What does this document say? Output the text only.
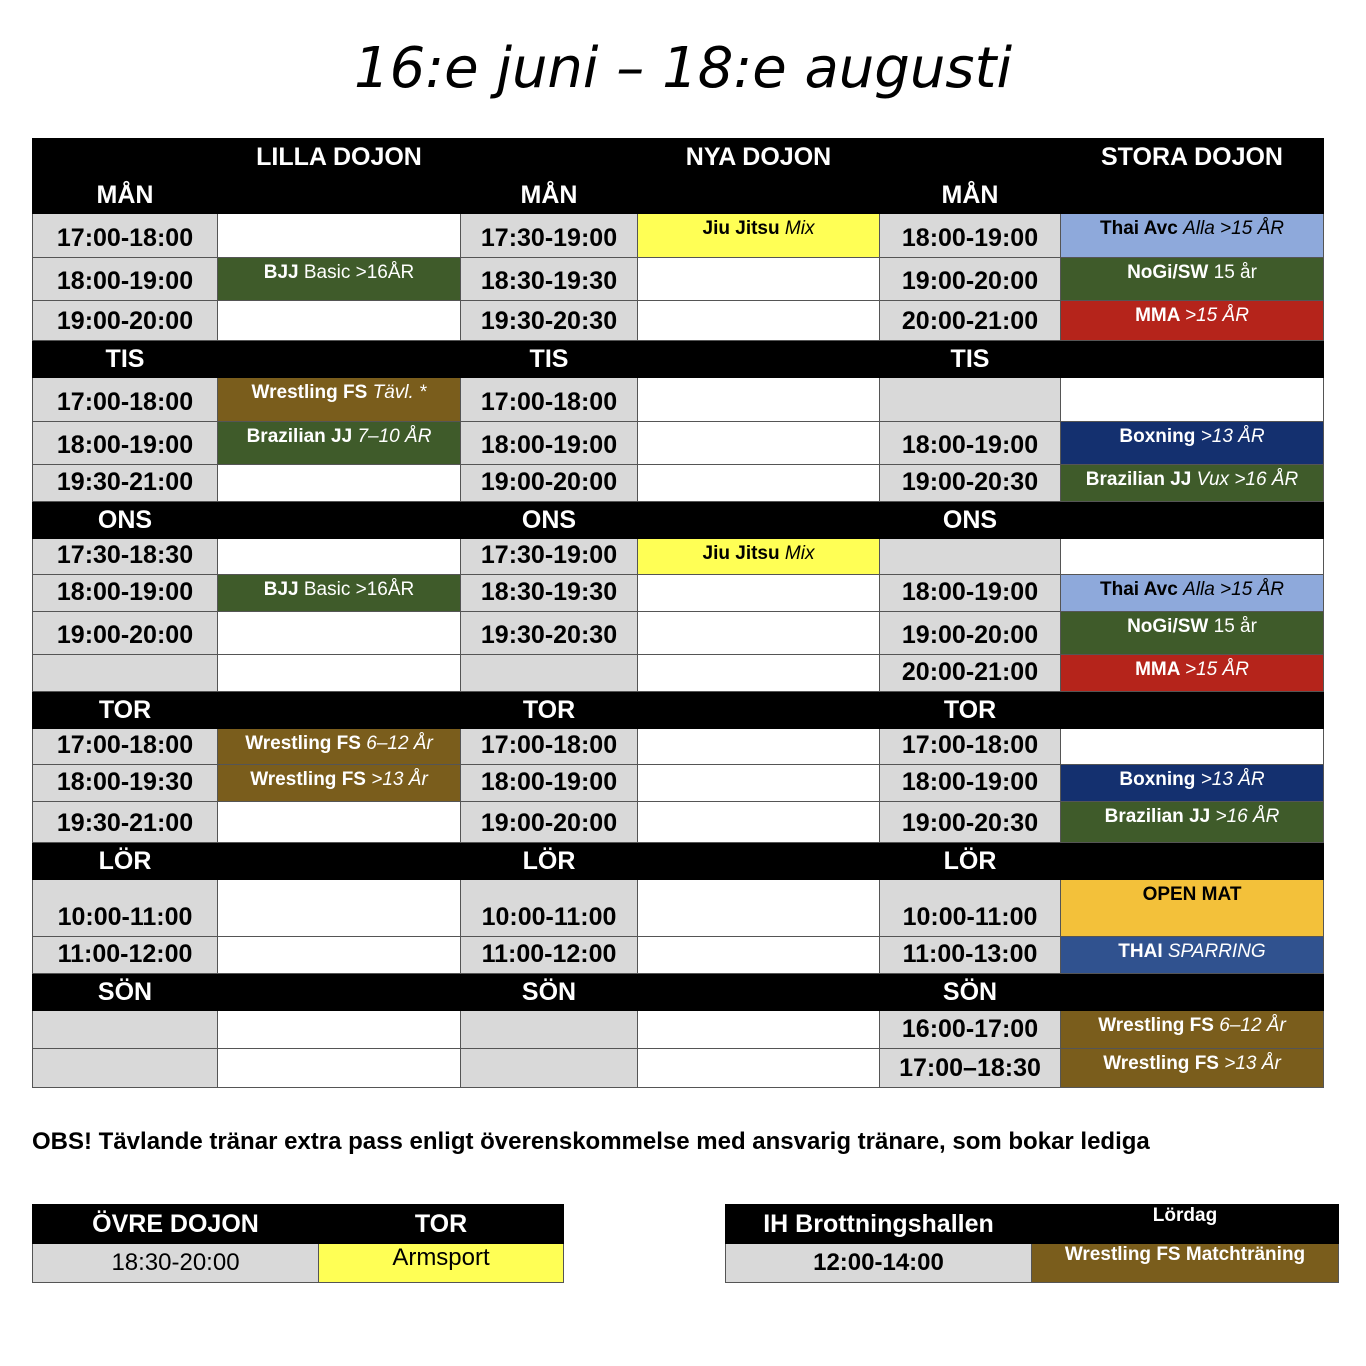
16:e juni – 18:e augusti
	LILLA DOJON		NYA DOJON		STORA DOJON
MÅN		MÅN		MÅN	
17:00-18:00		17:30-19:00	Jiu Jitsu Mix	18:00-19:00	Thai Avc Alla >15 ÅR
18:00-19:00	BJJ Basic >16ÅR	18:30-19:30		19:00-20:00	NoGi/SW 15 år
19:00-20:00		19:30-20:30		20:00-21:00	MMA >15 ÅR
TIS		TIS		TIS	
17:00-18:00	Wrestling FS Tävl. *	17:00-18:00			
18:00-19:00	Brazilian JJ 7–10 ÅR	18:00-19:00		18:00-19:00	Boxning >13 ÅR
19:30-21:00		19:00-20:00		19:00-20:30	Brazilian JJ Vux >16 ÅR
ONS		ONS		ONS	
17:30-18:30		17:30-19:00	Jiu Jitsu Mix		
18:00-19:00	BJJ Basic >16ÅR	18:30-19:30		18:00-19:00	Thai Avc Alla >15 ÅR
19:00-20:00		19:30-20:30		19:00-20:00	NoGi/SW 15 år
				20:00-21:00	MMA >15 ÅR
TOR		TOR		TOR	
17:00-18:00	Wrestling FS 6–12 År	17:00-18:00		17:00-18:00	
18:00-19:30	Wrestling FS >13 År	18:00-19:00		18:00-19:00	Boxning >13 ÅR
19:30-21:00		19:00-20:00		19:00-20:30	Brazilian JJ >16 ÅR
LÖR		LÖR		LÖR	
10:00-11:00		10:00-11:00		10:00-11:00	OPEN MAT
11:00-12:00		11:00-12:00		11:00-13:00	THAI SPARRING
SÖN		SÖN		SÖN	
				16:00-17:00	Wrestling FS 6–12 År
				17:00–18:30	Wrestling FS >13 År
OBS! Tävlande tränar extra pass enligt överenskommelse med ansvarig tränare, som bokar lediga
ÖVRE DOJON	TOR
18:30-20:00	Armsport
IH Brottningshallen	Lördag
12:00-14:00	Wrestling FS Matchträning
